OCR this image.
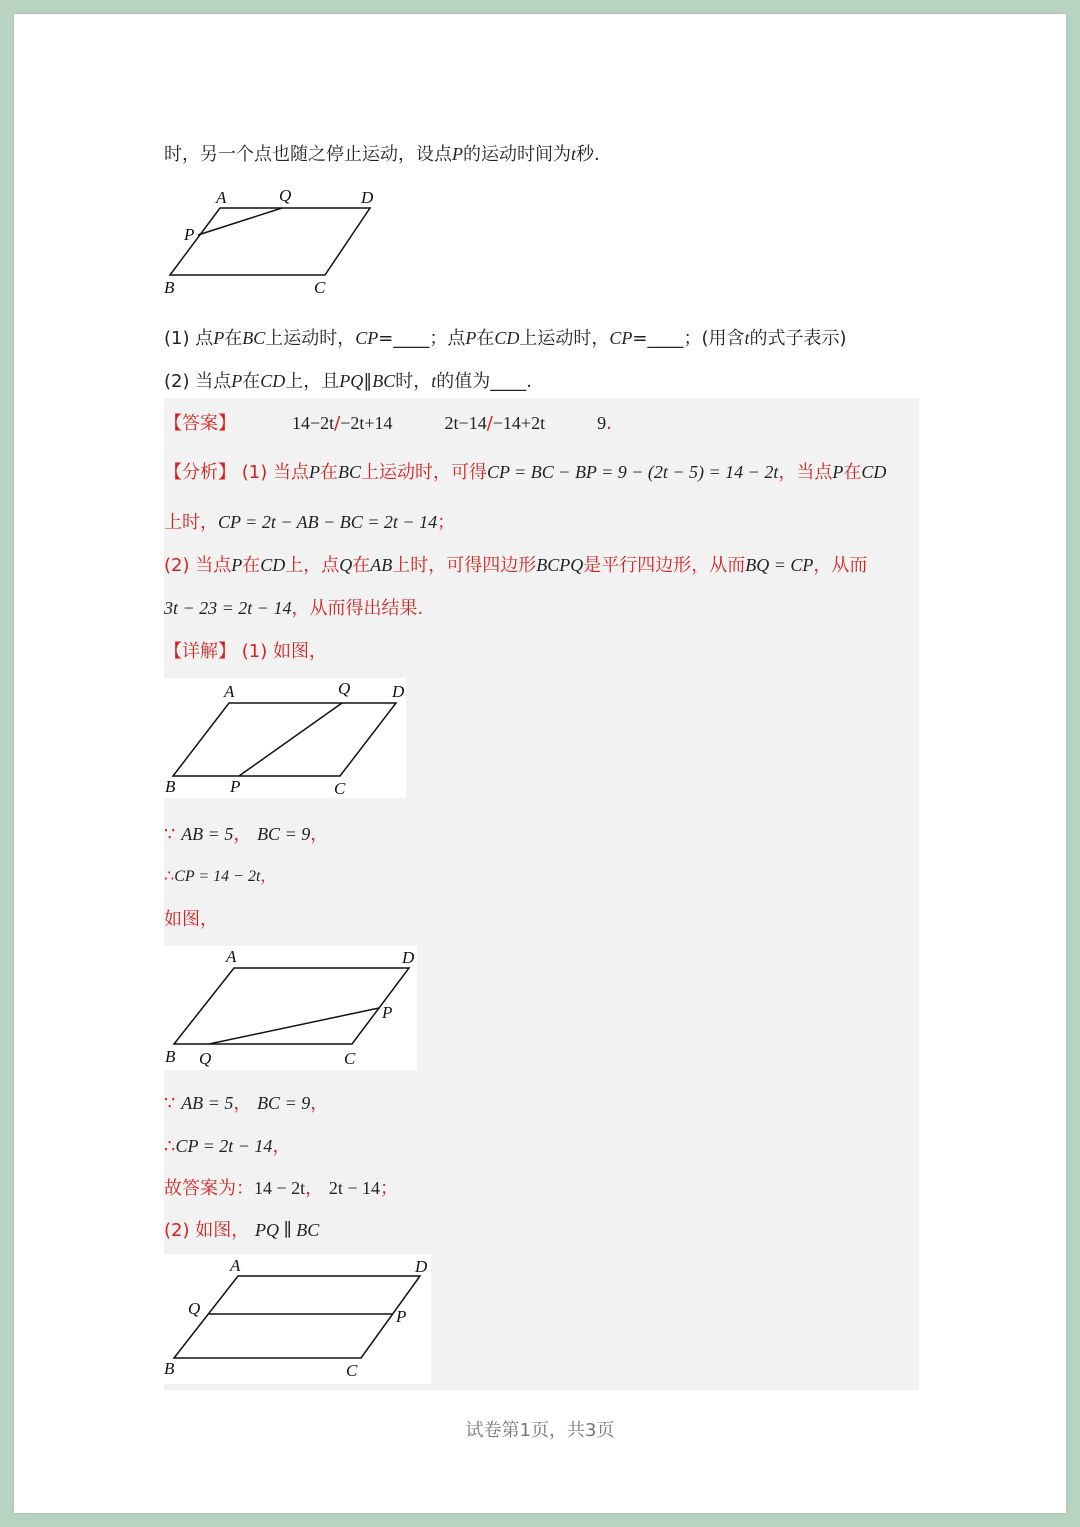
时，另一个点也随之停止运动，设点P的运动时间为t秒.
A	Q	D
P
B	C
(1) 点P在BC上运动时，CP=____；点P在CD上运动时，CP=____；(用含t的式子表示)
(2) 当点P在CD上，且PQ∥BC时，t的值为____.
【答案】	14−2t/−2t+14	2t−14/−14+2t	9.
【分析】 (1) 当点P在BC上运动时，可得CP = BC − BP = 9 − (2t − 5) = 14 − 2t，当点P在CD
上时，CP = 2t − AB − BC = 2t − 14；
(2) 当点P在CD上，点Q在AB上时，可得四边形BCPQ是平行四边形，从而BQ = CP，从而
3t − 23 = 2t − 14，从而得出结果.
【详解】 (1) 如图，
A	Q D
B	P	C
∵ AB = 5， BC = 9，
∴CP = 14 − 2t，
如图，
A	D
P
B Q	C
∵ AB = 5， BC = 9，
∴CP = 2t − 14，
故答案为：14 − 2t， 2t − 14；
(2) 如图， PQ ∥ BC
A	D
Q	P
B	C
试卷第1页，共3页
